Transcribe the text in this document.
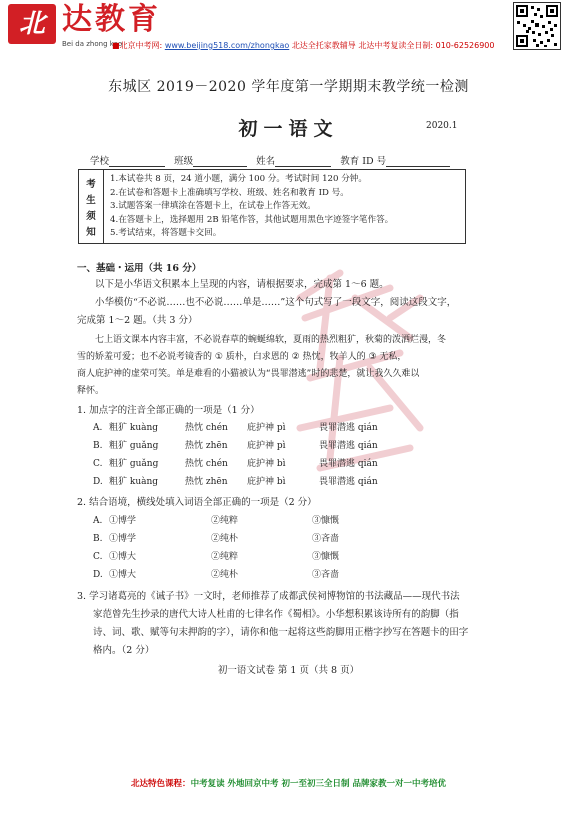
北 达教育
Bei da zhong kao
■北京中考网: www.beijing518.com/zhongkao 北达全托家教辅导 北达中考复读全日制: 010-62526900
东城区 2019－2020 学年度第一学期期末教学统一检测
初一语文	2020.1
学校	班级	姓名	教育 ID 号
考
生
须
知
1.本试卷共 8 页，24 道小题，满分 100 分。考试时间 120 分钟。
2.在试卷和答题卡上准确填写学校、班级、姓名和教育 ID 号。
3.试题答案一律填涂在答题卡上，在试卷上作答无效。
4.在答题卡上，选择题用 2B 铅笔作答，其他试题用黑色字迹签字笔作答。
5.考试结束，将答题卡交回。
一、基础・运用（共 16 分）
以下是小华语文积累本上呈现的内容，请根据要求，完成第 1～6 题。
小华模仿“不必说……也不必说……单是……”这个句式写了一段文字，阅读这段文字，
完成第 1～2 题。（共 3 分）
七上语文课本内容丰富，不必说春草的蜿蜒绵软，夏雨的热烈粗犷，秋菊的泼洒烂漫，冬
雪的娇羞可爱；也不必说考镜香的 ① 质朴，白求恩的 ② 热忱，牧羊人的 ③ 无私，
商人庇护神的虚荣可笑。单是难看的小猫被认为“畏罪潜逃”时的悲楚，就让我久久难以
释怀。
1. 加点字的注音全部正确的一项是（1 分）
A. 粗犷 kuàng	热忱 chén 庇护神 pì	畏罪潜逃 qián
B. 粗犷 guǎng	热忱 zhēn 庇护神 pì	畏罪潜逃 qián
C. 粗犷 guǎng	热忱 chén 庇护神 bì	畏罪潜逃 qián
D. 粗犷 kuàng	热忱 zhēn 庇护神 bì	畏罪潜逃 qián
2. 结合语境，横线处填入词语全部正确的一项是（2 分）
A. ①博学	②纯粹	③慷慨
B. ①博学	②纯朴	③吝啬
C. ①博大	②纯粹	③慷慨
D. ①博大	②纯朴	③吝啬
3. 学习诸葛亮的《诫子书》一文时，老师推荐了成都武侯祠博物馆的书法藏品——现代书法
家范曾先生抄录的唐代大诗人杜甫的七律名作《蜀相》。小华想积累该诗所有的韵脚（指
诗、词、歌、赋等句末押韵的字），请你和他一起将这些韵脚用正楷字抄写在答题卡的田字
格内。（2 分）
初一语文试卷 第 1 页（共 8 页）
北达特色课程：中考复读 外地回京中考 初一至初三全日制 品牌家教一对一中考培优
